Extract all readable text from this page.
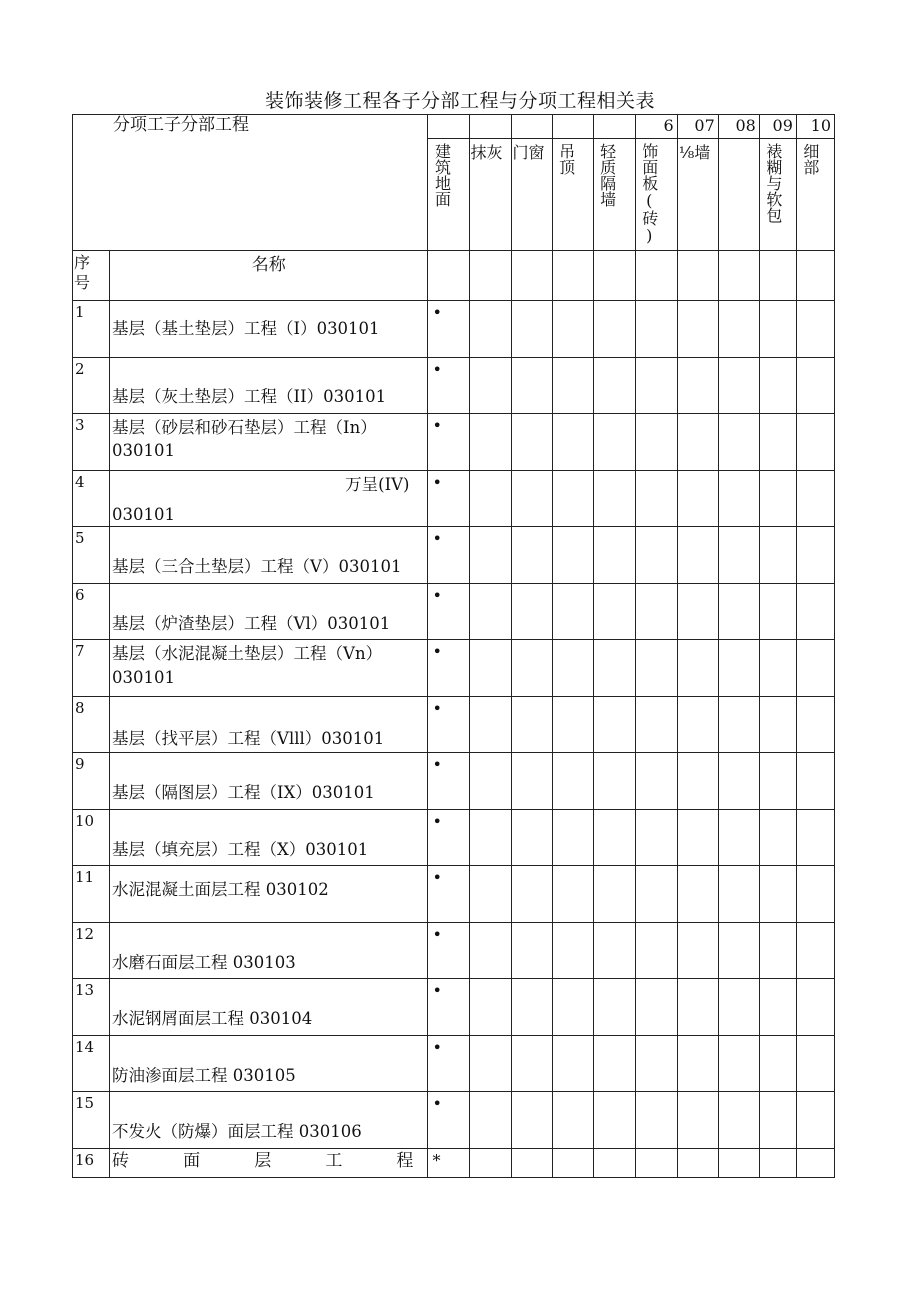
装饰装修工程各子分部工程与分项工程相关表
分项工子分部工程							6	07	08	09	10

		建筑地面	抹灰	门窗	吊顶	轻质隔墙	饰面板(砖)	⅛墙		裱糊与软包	细部

序号	名称										

1	基层（基土垫层）工程（I）030101	•									

2	基层（灰土垫层）工程（II）030101	•									

3	基层（砂层和砂石垫层）工程（In）
030101	•									

4	万呈(IV)
030101	•									

5	基层（三合土垫层）工程（V）030101	•									

6	基层（炉渣垫层）工程（Vl）030101	•									

7	基层（水泥混凝土垫层）工程（Vn）
030101	•									

8	基层（找平层）工程（Vlll）030101	•									

9	基层（隔图层）工程（IX）030101	•									

10	基层（填充层）工程（X）030101	•									

11	水泥混凝土面层工程 030102	•									

12	水磨石面层工程 030103	•									

13	水泥钢屑面层工程 030104	•									

14	防油渗面层工程 030105	•									

15	不发火（防爆）面层工程 030106	•									

16	砖 面 层 工 程	*									
